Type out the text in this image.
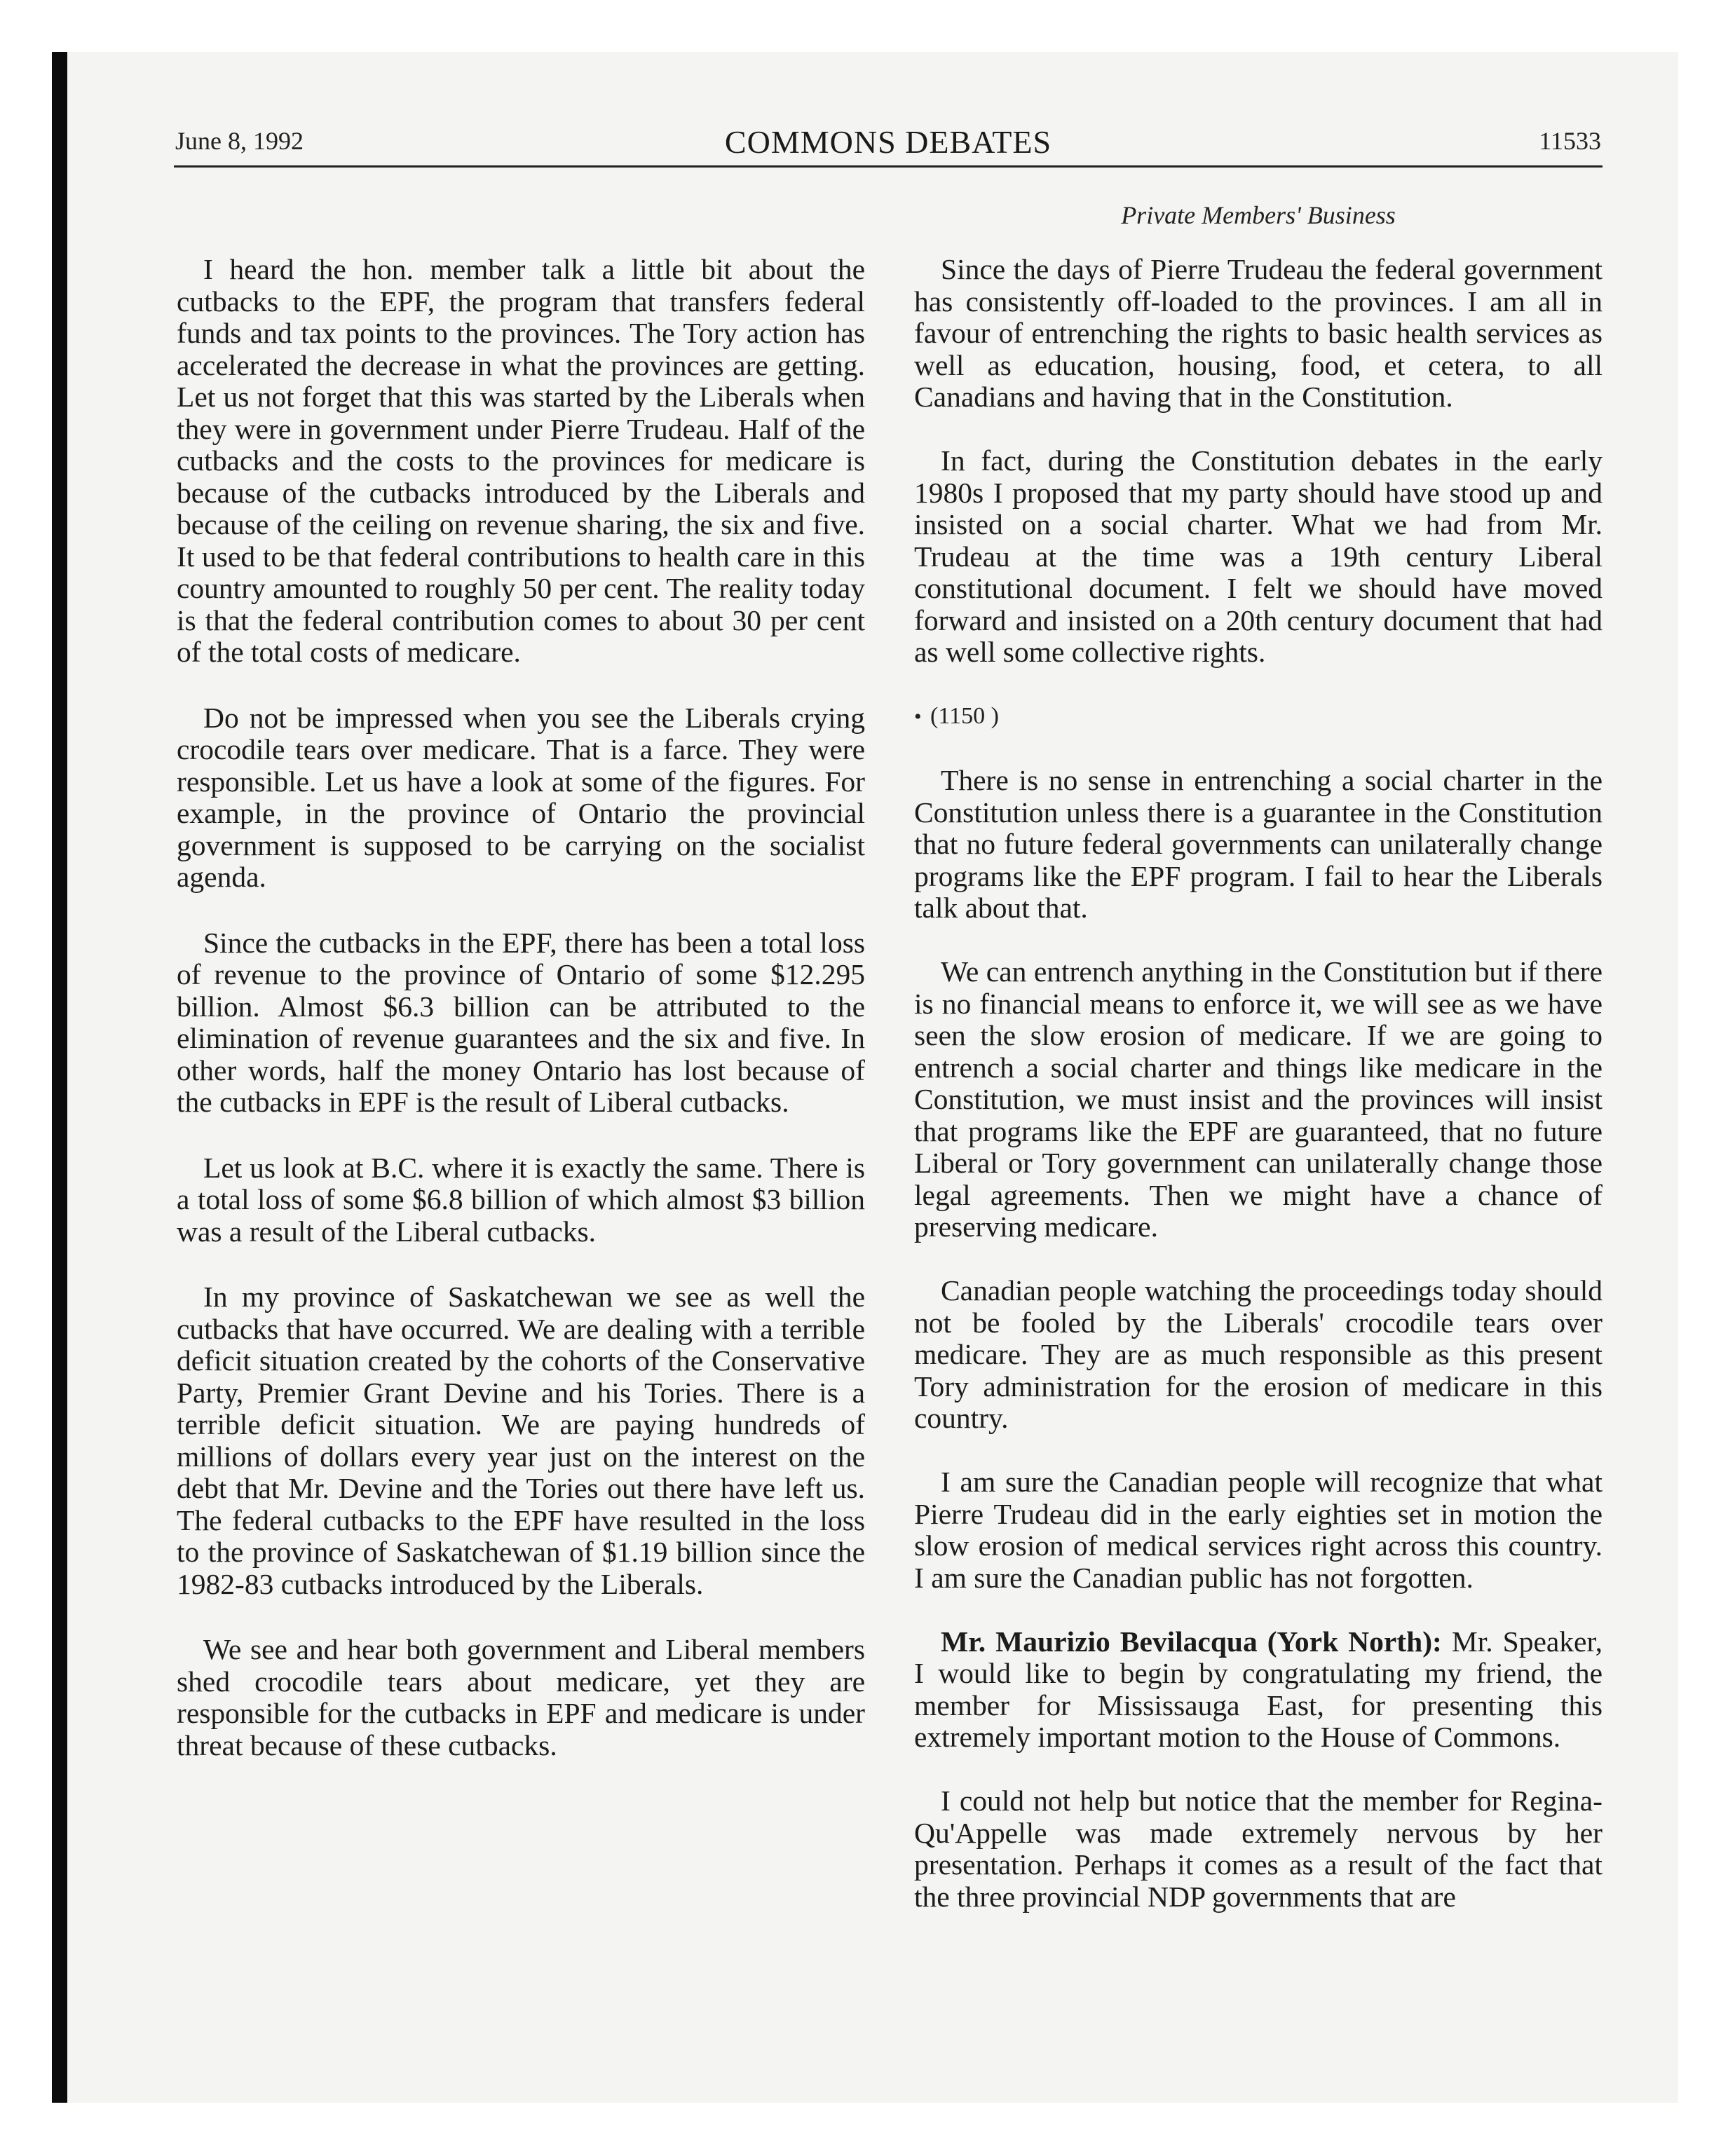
June 8, 1992	COMMONS DEBATES	11533
Private Members' Business

I heard the hon. member talk a little bit about the cutbacks to the EPF, the program that transfers federal funds and tax points to the provinces. The Tory action has accelerated the decrease in what the provinces are getting. Let us not forget that this was started by the Liberals when they were in government under Pierre Trudeau. Half of the cutbacks and the costs to the provinces for medicare is because of the cutbacks introduced by the Liberals and because of the ceiling on revenue sharing, the six and five. It used to be that federal contributions to health care in this country amounted to roughly 50 per cent. The reality today is that the federal contribution comes to about 30 per cent of the total costs of medicare.

Do not be impressed when you see the Liberals crying crocodile tears over medicare. That is a farce. They were responsible. Let us have a look at some of the figures. For example, in the province of Ontario the provincial government is supposed to be carrying on the socialist agenda.

Since the cutbacks in the EPF, there has been a total loss of revenue to the province of Ontario of some $12.295 billion. Almost $6.3 billion can be attributed to the elimination of revenue guarantees and the six and five. In other words, half the money Ontario has lost because of the cutbacks in EPF is the result of Liberal cutbacks.

Let us look at B.C. where it is exactly the same. There is a total loss of some $6.8 billion of which almost $3 billion was a result of the Liberal cutbacks.

In my province of Saskatchewan we see as well the cutbacks that have occurred. We are dealing with a terrible deficit situation created by the cohorts of the Conservative Party, Premier Grant Devine and his Tories. There is a terrible deficit situation. We are paying hundreds of millions of dollars every year just on the interest on the debt that Mr. Devine and the Tories out there have left us. The federal cutbacks to the EPF have resulted in the loss to the province of Saskatchewan of $1.19 billion since the 1982-83 cutbacks introduced by the Liberals.

We see and hear both government and Liberal members shed crocodile tears about medicare, yet they are responsible for the cutbacks in EPF and medicare is under threat because of these cutbacks.

Since the days of Pierre Trudeau the federal government has consistently off-loaded to the provinces. I am all in favour of entrenching the rights to basic health services as well as education, housing, food, et cetera, to all Canadians and having that in the Constitution.

In fact, during the Constitution debates in the early 1980s I proposed that my party should have stood up and insisted on a social charter. What we had from Mr. Trudeau at the time was a 19th century Liberal constitutional document. I felt we should have moved forward and insisted on a 20th century document that had as well some collective rights.

• (1150 )

There is no sense in entrenching a social charter in the Constitution unless there is a guarantee in the Constitution that no future federal governments can unilaterally change programs like the EPF program. I fail to hear the Liberals talk about that.

We can entrench anything in the Constitution but if there is no financial means to enforce it, we will see as we have seen the slow erosion of medicare. If we are going to entrench a social charter and things like medicare in the Constitution, we must insist and the provinces will insist that programs like the EPF are guaranteed, that no future Liberal or Tory government can unilaterally change those legal agreements. Then we might have a chance of preserving medicare.

Canadian people watching the proceedings today should not be fooled by the Liberals' crocodile tears over medicare. They are as much responsible as this present Tory administration for the erosion of medicare in this country.

I am sure the Canadian people will recognize that what Pierre Trudeau did in the early eighties set in motion the slow erosion of medical services right across this country. I am sure the Canadian public has not forgotten.

Mr. Maurizio Bevilacqua (York North): Mr. Speaker, I would like to begin by congratulating my friend, the member for Mississauga East, for presenting this extremely important motion to the House of Commons.

I could not help but notice that the member for Regina-Qu'Appelle was made extremely nervous by her presentation. Perhaps it comes as a result of the fact that the three provincial NDP governments that are
